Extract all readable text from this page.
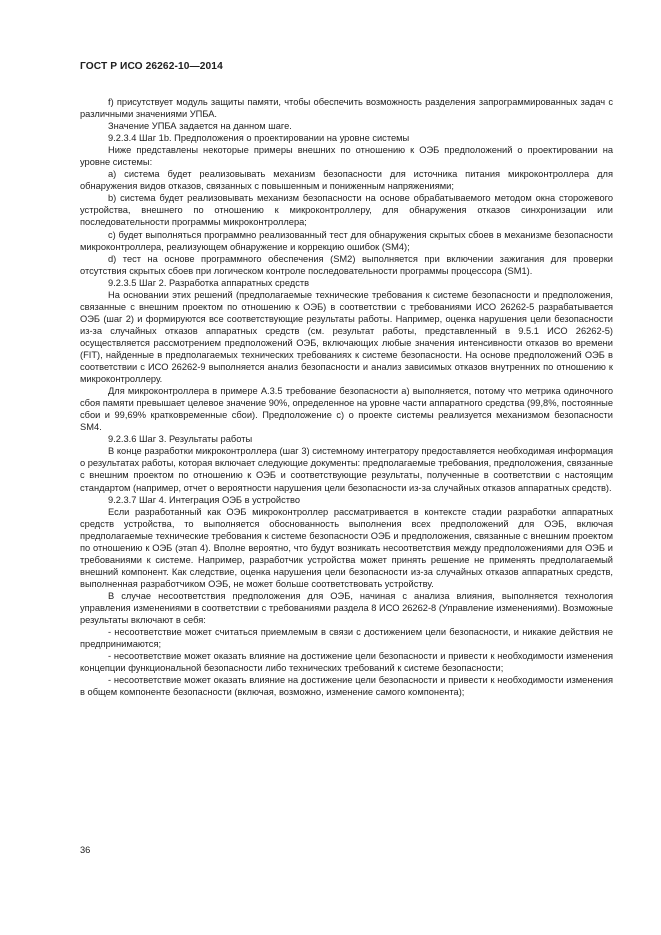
ГОСТ Р ИСО 26262-10—2014

f) присутствует модуль защиты памяти, чтобы обеспечить возможность разделения запрограммированных задач с различными значениями УПБА.

Значение УПБА задается на данном шаге.

9.2.3.4 Шаг 1b. Предположения о проектировании на уровне системы

Ниже представлены некоторые примеры внешних по отношению к ОЭБ предположений о проектировании на уровне системы:

a) система будет реализовывать механизм безопасности для источника питания микроконтроллера для обнаружения видов отказов, связанных с повышенным и пониженным напряжениями;

b) система будет реализовывать механизм безопасности на основе обрабатываемого методом окна сторожевого устройства, внешнего по отношению к микроконтроллеру, для обнаружения отказов синхронизации или последовательности программы микроконтроллера;

c) будет выполняться программно реализованный тест для обнаружения скрытых сбоев в механизме безопасности микроконтроллера, реализующем обнаружение и коррекцию ошибок (SM4);

d) тест на основе программного обеспечения (SM2) выполняется при включении зажигания для проверки отсутствия скрытых сбоев при логическом контроле последовательности программы процессора (SM1).

9.2.3.5 Шаг 2. Разработка аппаратных средств

На основании этих решений (предполагаемые технические требования к системе безопасности и предположения, связанные с внешним проектом по отношению к ОЭБ) в соответствии с требованиями ИСО 26262-5 разрабатывается ОЭБ (шаг 2) и формируются все соответствующие результаты работы. Например, оценка нарушения цели безопасности из-за случайных отказов аппаратных средств (см. результат работы, представленный в 9.5.1 ИСО 26262-5) осуществляется рассмотрением предположений ОЭБ, включающих любые значения интенсивности отказов во времени (FIT), найденные в предполагаемых технических требованиях к системе безопасности. На основе предположений ОЭБ в соответствии с ИСО 26262-9 выполняется анализ безопасности и анализ зависимых отказов внутренних по отношению к микроконтроллеру.

Для микроконтроллера в примере А.3.5 требование безопасности a) выполняется, потому что метрика одиночного сбоя памяти превышает целевое значение 90%, определенное на уровне части аппаратного средства (99,8%, постоянные сбои и 99,69% кратковременные сбои). Предположение c) о проекте системы реализуется механизмом безопасности SM4.

9.2.3.6 Шаг 3. Результаты работы

В конце разработки микроконтроллера (шаг 3) системному интегратору предоставляется необходимая информация о результатах работы, которая включает следующие документы: предполагаемые требования, предположения, связанные с внешним проектом по отношению к ОЭБ и соответствующие результаты, полученные в соответствии с настоящим стандартом (например, отчет о вероятности нарушения цели безопасности из-за случайных отказов аппаратных средств).

9.2.3.7 Шаг 4. Интеграция ОЭБ в устройство

Если разработанный как ОЭБ микроконтроллер рассматривается в контексте стадии разработки аппаратных средств устройства, то выполняется обоснованность выполнения всех предположений для ОЭБ, включая предполагаемые технические требования к системе безопасности ОЭБ и предположения, связанные с внешним проектом по отношению к ОЭБ (этап 4). Вполне вероятно, что будут возникать несоответствия между предположениями для ОЭБ и требованиями к системе. Например, разработчик устройства может принять решение не применять предполагаемый внешний компонент. Как следствие, оценка нарушения цели безопасности из-за случайных отказов аппаратных средств, выполненная разработчиком ОЭБ, не может больше соответствовать устройству.

В случае несоответствия предположения для ОЭБ, начиная с анализа влияния, выполняется технология управления изменениями в соответствии с требованиями раздела 8 ИСО 26262-8 (Управление изменениями). Возможные результаты включают в себя:

- несоответствие может считаться приемлемым в связи с достижением цели безопасности, и никакие действия не предпринимаются;

- несоответствие может оказать влияние на достижение цели безопасности и привести к необходимости изменения концепции функциональной безопасности либо технических требований к системе безопасности;

- несоответствие может оказать влияние на достижение цели безопасности и привести к необходимости изменения в общем компоненте безопасности (включая, возможно, изменение самого компонента);

36
